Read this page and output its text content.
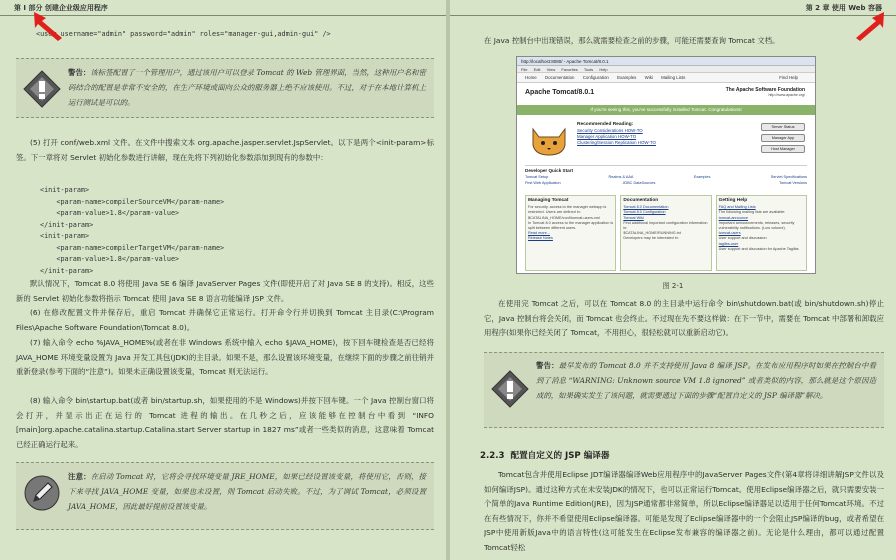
第 I 部分 创建企业级应用程序
<user username="admin" password="admin" roles="manager-gui,admin-gui" />
警告：该标签配置了一个管理用户，通过该用户可以登录 Tomcat 的 Web 管理界面，当然，这种用户名和密码结合的配置是非常不安全的，在生产环境或面向公众的服务器上绝不应该使用。不过，对于在本地计算机上运行测试是可以的。
(5) 打开 conf/web.xml 文件。在文件中搜索文本 org.apache.jasper.servlet.JspServlet。以下是两个<init-param>标签。下一章将对 Servlet 初始化参数进行讲解，现在先将下列初始化参数添加到现有的参数中：
<init-param>
<param-name>compilerSourceVM</param-name>
<param-value>1.8</param-value>
</init-param>
<init-param>
<param-name>compilerTargetVM</param-name>
<param-value>1.8</param-value>
</init-param>
默认情况下，Tomcat 8.0 将使用 Java SE 6 编译 JavaServer Pages 文件(即使开启了对 Java SE 8 的支持)。相反，这些新的 Servlet 初始化参数将指示 Tomcat 使用 Java SE 8 语言功能编译 JSP 文件。
(6) 在修改配置文件并保存后，重启 Tomcat 并确保它正常运行。打开命令行并切换到 Tomcat 主目录(C:\Program Files\Apache Software Foundation\Tomcat 8.0)。
(7) 输入命令 echo %JAVA_HOME%(或者在非 Windows 系统中输入 echo $JAVA_HOME)，按下回车键检查是否已经将 JAVA_HOME 环境变量设置为 Java 开发工具包(JDK)的主目录。如果不是，那么设置该环境变量，在继续下面的步骤之前往销并重新登录(参考下面的“注意”)。如果未正确设置该变量，Tomcat 则无法运行。
(8) 输入命令 bin\startup.bat(或者 bin/startup.sh，如果使用的不是 Windows)并按下回车键。一个 Java 控制台窗口将会打开，并显示出正在运行的 Tomcat 进程的输出。在几秒之后，应该能够在控制台中看到 “INFO [main]org.apache.catalina.startup.Catalina.start Server startup in 1827 ms”或者一些类似的消息，这意味着 Tomcat 已经正确运行起来。
注意：在启动 Tomcat 时，它将会寻找环境变量 JRE_HOME，如果已经设置该变量，将使用它，否则，接下来寻找 JAVA_HOME 变量，如果也未设置，则 Tomcat 启动失败。不过，为了调试 Tomcat，必须设置 JAVA_HOME，因此最好提前设置该变量。
第 2 章 使用 Web 容器
在 Java 控制台中出现错误，那么就需要检查之前的步骤，可能还需要查询 Tomcat 文档。
http://localhost:8080/ - Apache Tomcat/8.0.1
File Edit View Favorites Tools Help
Home Documentation Configuration Examples Wiki Mailing Lists	Find Help
Apache Tomcat/8.0.1	The Apache Software Foundation
http://www.apache.org/
If you're seeing this, you've successfully installed Tomcat. Congratulations!
Recommended Reading:
Security Considerations HOW-TO
Manager Application HOW-TO
Clustering/Session Replication HOW-TO
Server Status
Manager App
Host Manager
Developer Quick Start
Tomcat Setup	Realms & AAA	Examples	Servlet Specifications
First Web Application	JDBC DataSources	Tomcat Versions
Managing Tomcat
For security, access to the manager webapp is restricted. Users are defined in:
$CATALINA_HOME/conf/tomcat-users.xml
In Tomcat 8.0 access to the manager application is split between different users.
Read more...
Release Notes
Documentation
Tomcat 8.0 Documentation
Tomcat 8.0 Configuration
Tomcat Wiki
Find additional important configuration information in:
$CATALINA_HOME/RUNNING.txt
Developers may be interested in:
Getting Help
FAQ and Mailing Lists
The following mailing lists are available:
tomcat-announce
Important announcements, releases, security vulnerability notifications. (Low volume).
tomcat-users
User support and discussion
taglibs-user
User support and discussion for Apache Taglibs
图 2-1
在使用完 Tomcat 之后，可以在 Tomcat 8.0 的主目录中运行命令 bin\shutdown.bat(或 bin/shutdown.sh)停止它，Java 控制台将会关闭，而 Tomcat 也会终止。不过现在先不要这样做：在下一节中，需要在 Tomcat 中部署和卸载应用程序(如果你已经关闭了 Tomcat，不用担心，很轻松就可以重新启动它)。
警告：最早发布的 Tomcat 8.0 并不支持使用 Java 8 编译 JSP。在发布应用程序时如果在控制台中看到了消息 “WARNING: Unknown source VM 1.8 ignored” 或者类似的内容，那么就是这个原因造成的，如果确实发生了该问题，就需要通过下面的步骤“配置自定义的 JSP 编译器”解决。
2.2.3 配置自定义的 JSP 编译器
Tomcat包含并使用Eclipse JDT编译器编译Web应用程序中的JavaServer Pages文件(第4章将详细讲解JSP文件以及如何编译JSP)。通过这种方式在未安装JDK的情况下，也可以正常运行Tomcat。使用Eclipse编译器之后，就只需要安装一个简单的Java Runtime Edition(JRE)，因为JSP通常都非常简单，所以Eclipse编译器足以适用于任何Tomcat环境。不过在有些情况下，你并不希望使用Eclipse编译器。可能是发现了Eclipse编译器中的一个会阻止JSP编译的bug，或者希望在JSP中使用新版Java中的语言特性(这可能发生在Eclipse发布兼容的编译器之前)。无论是什么理由，都可以通过配置Tomcat轻松
